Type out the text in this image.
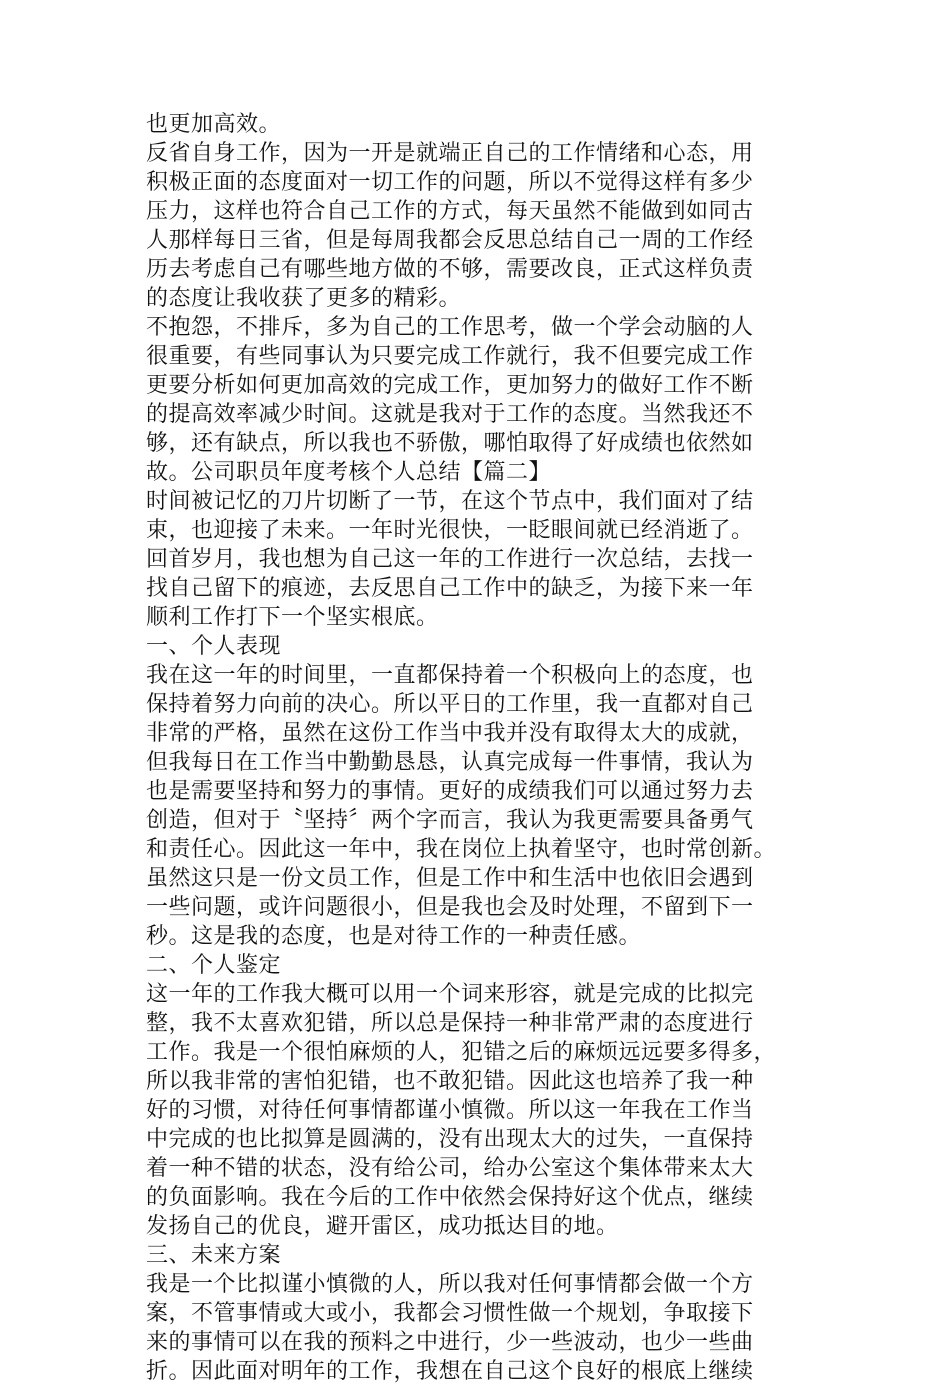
也更加高效。
反省自身工作，因为一开是就端正自己的工作情绪和心态，用
积极正面的态度面对一切工作的问题，所以不觉得这样有多少
压力，这样也符合自己工作的方式，每天虽然不能做到如同古
人那样每日三省，但是每周我都会反思总结自己一周的工作经
历去考虑自己有哪些地方做的不够，需要改良，正式这样负责
的态度让我收获了更多的精彩。
不抱怨，不排斥，多为自己的工作思考，做一个学会动脑的人
很重要，有些同事认为只要完成工作就行，我不但要完成工作
更要分析如何更加高效的完成工作，更加努力的做好工作不断
的提高效率减少时间。这就是我对于工作的态度。当然我还不
够，还有缺点，所以我也不骄傲，哪怕取得了好成绩也依然如
故。公司职员年度考核个人总结【篇二】
时间被记忆的刀片切断了一节，在这个节点中，我们面对了结
束，也迎接了未来。一年时光很快，一眨眼间就已经消逝了。
回首岁月，我也想为自己这一年的工作进行一次总结，去找一
找自己留下的痕迹，去反思自己工作中的缺乏，为接下来一年
顺利工作打下一个坚实根底。
一、个人表现
我在这一年的时间里，一直都保持着一个积极向上的态度，也
保持着努力向前的决心。所以平日的工作里，我一直都对自己
非常的严格，虽然在这份工作当中我并没有取得太大的成就，
但我每日在工作当中勤勤恳恳，认真完成每一件事情，我认为
也是需要坚持和努力的事情。更好的成绩我们可以通过努力去
创造，但对于〝坚持〞两个字而言，我认为我更需要具备勇气
和责任心。因此这一年中，我在岗位上执着坚守，也时常创新。
虽然这只是一份文员工作，但是工作中和生活中也依旧会遇到
一些问题，或许问题很小，但是我也会及时处理，不留到下一
秒。这是我的态度，也是对待工作的一种责任感。
二、个人鉴定
这一年的工作我大概可以用一个词来形容，就是完成的比拟完
整，我不太喜欢犯错，所以总是保持一种非常严肃的态度进行
工作。我是一个很怕麻烦的人，犯错之后的麻烦远远要多得多，
所以我非常的害怕犯错，也不敢犯错。因此这也培养了我一种
好的习惯，对待任何事情都谨小慎微。所以这一年我在工作当
中完成的也比拟算是圆满的，没有出现太大的过失，一直保持
着一种不错的状态，没有给公司，给办公室这个集体带来太大
的负面影响。我在今后的工作中依然会保持好这个优点，继续
发扬自己的优良，避开雷区，成功抵达目的地。
三、未来方案
我是一个比拟谨小慎微的人，所以我对任何事情都会做一个方
案，不管事情或大或小，我都会习惯性做一个规划，争取接下
来的事情可以在我的预料之中进行，少一些波动，也少一些曲
折。因此面对明年的工作，我想在自己这个良好的根底上继续
